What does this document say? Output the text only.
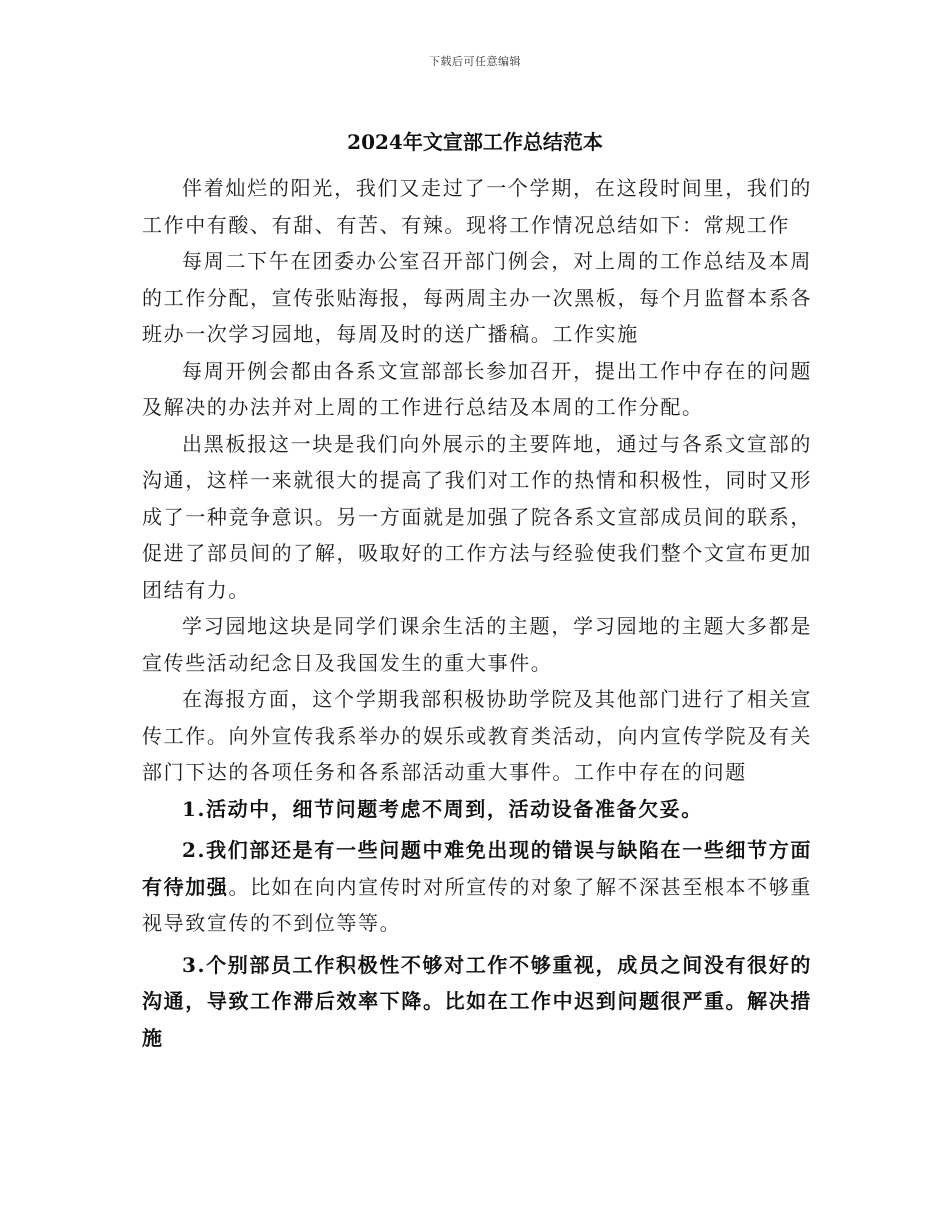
下载后可任意编辑
2024年文宣部工作总结范本

伴着灿烂的阳光，我们又走过了一个学期，在这段时间里，我们的工作中有酸、有甜、有苦、有辣。现将工作情况总结如下：常规工作

每周二下午在团委办公室召开部门例会，对上周的工作总结及本周的工作分配，宣传张贴海报，每两周主办一次黑板，每个月监督本系各班办一次学习园地，每周及时的送广播稿。工作实施

每周开例会都由各系文宣部部长参加召开，提出工作中存在的问题及解决的办法并对上周的工作进行总结及本周的工作分配。

出黑板报这一块是我们向外展示的主要阵地，通过与各系文宣部的沟通，这样一来就很大的提高了我们对工作的热情和积极性，同时又形成了一种竞争意识。另一方面就是加强了院各系文宣部成员间的联系，促进了部员间的了解，吸取好的工作方法与经验使我们整个文宣布更加团结有力。

学习园地这块是同学们课余生活的主题，学习园地的主题大多都是宣传些活动纪念日及我国发生的重大事件。

在海报方面，这个学期我部积极协助学院及其他部门进行了相关宣传工作。向外宣传我系举办的娱乐或教育类活动，向内宣传学院及有关部门下达的各项任务和各系部活动重大事件。工作中存在的问题

1.活动中，细节问题考虑不周到，活动设备准备欠妥。

2.我们部还是有一些问题中难免出现的错误与缺陷在一些细节方面有待加强。比如在向内宣传时对所宣传的对象了解不深甚至根本不够重视导致宣传的不到位等等。

3.个别部员工作积极性不够对工作不够重视，成员之间没有很好的沟通，导致工作滞后效率下降。比如在工作中迟到问题很严重。解决措施
